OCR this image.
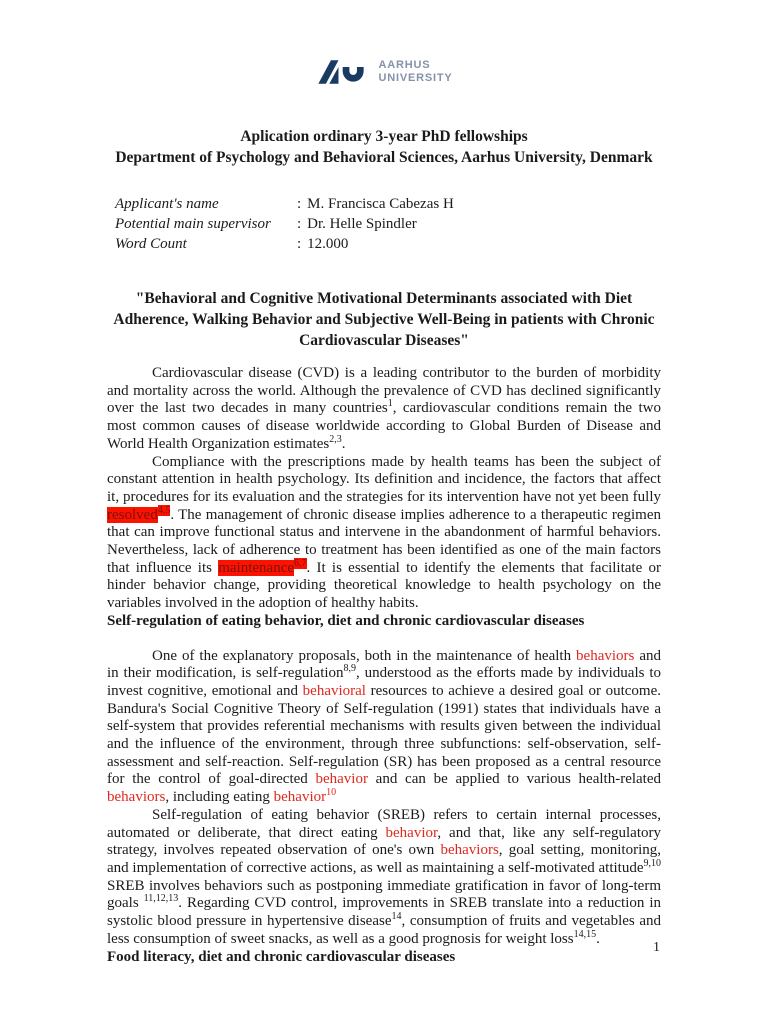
AARHUS
UNIVERSITY
Aplication ordinary 3-year PhD fellowships
Department of Psychology and Behavioral Sciences, Aarhus University, Denmark
Applicant's name	: M. Francisca Cabezas H
Potential main supervisor	: Dr. Helle Spindler
Word Count	: 12.000
"Behavioral and Cognitive Motivational Determinants associated with Diet Adherence, Walking Behavior and Subjective Well-Being in patients with Chronic Cardiovascular Diseases"

Cardiovascular disease (CVD) is a leading contributor to the burden of morbidity and mortality across the world. Although the prevalence of CVD has declined significantly over the last two decades in many countries$^1$, cardiovascular conditions remain the two most common causes of disease worldwide according to Global Burden of Disease and World Health Organization estimates$^{2,3}$.

Compliance with the prescriptions made by health teams has been the subject of constant attention in health psychology. Its definition and incidence, the factors that affect it, procedures for its evaluation and the strategies for its intervention have not yet been fully resolved$^{4,5}$. The management of chronic disease implies adherence to a therapeutic regimen that can improve functional status and intervene in the abandonment of harmful behaviors. Nevertheless, lack of adherence to treatment has been identified as one of the main factors that influence its maintenance$^{6,7}$. It is essential to identify the elements that facilitate or hinder behavior change, providing theoretical knowledge to health psychology on the variables involved in the adoption of healthy habits.

Self-regulation of eating behavior, diet and chronic cardiovascular diseases

One of the explanatory proposals, both in the maintenance of health behaviors and in their modification, is self-regulation$^{8,9}$, understood as the efforts made by individuals to invest cognitive, emotional and behavioral resources to achieve a desired goal or outcome. Bandura's Social Cognitive Theory of Self-regulation (1991) states that individuals have a self-system that provides referential mechanisms with results given between the individual and the influence of the environment, through three subfunctions: self-observation, self-assessment and self-reaction. Self-regulation (SR) has been proposed as a central resource for the control of goal-directed behavior and can be applied to various health-related behaviors, including eating behavior$^{10}$

Self-regulation of eating behavior (SREB) refers to certain internal processes, automated or deliberate, that direct eating behavior, and that, like any self-regulatory strategy, involves repeated observation of one's own behaviors, goal setting, monitoring, and implementation of corrective actions, as well as maintaining a self-motivated attitude$^{9,10}$ SREB involves behaviors such as postponing immediate gratification in favor of long-term goals $^{11,12,13}$. Regarding CVD control, improvements in SREB translate into a reduction in systolic blood pressure in hypertensive disease$^{14}$, consumption of fruits and vegetables and less consumption of sweet snacks, as well as a good prognosis for weight loss$^{14,15}$.

Food literacy, diet and chronic cardiovascular diseases
1
